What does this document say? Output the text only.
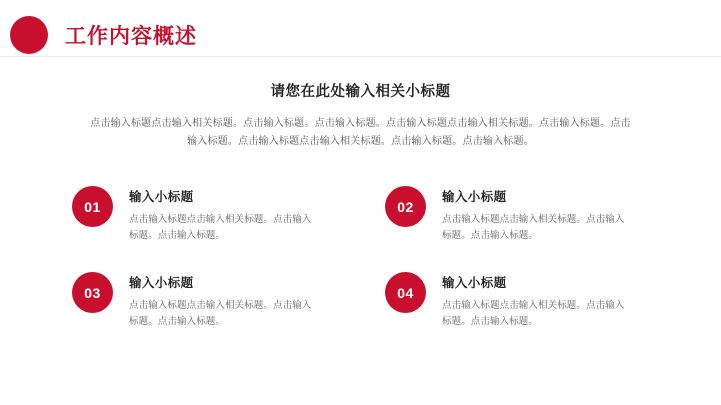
工作内容概述
请您在此处输入相关小标题
点击输入标题点击输入相关标题。点击输入标题。点击输入标题。点击输入标题点击输入相关标题。点击输入标题。点击输入标题。点击输入标题点击输入相关标题。点击输入标题。点击输入标题。
01
输入小标题
点击输入标题点击输入相关标题。点击输入标题。点击输入标题。
02
输入小标题
点击输入标题点击输入相关标题。点击输入标题。点击输入标题。
03
输入小标题
点击输入标题点击输入相关标题。点击输入标题。点击输入标题。
04
输入小标题
点击输入标题点击输入相关标题。点击输入标题。点击输入标题。
